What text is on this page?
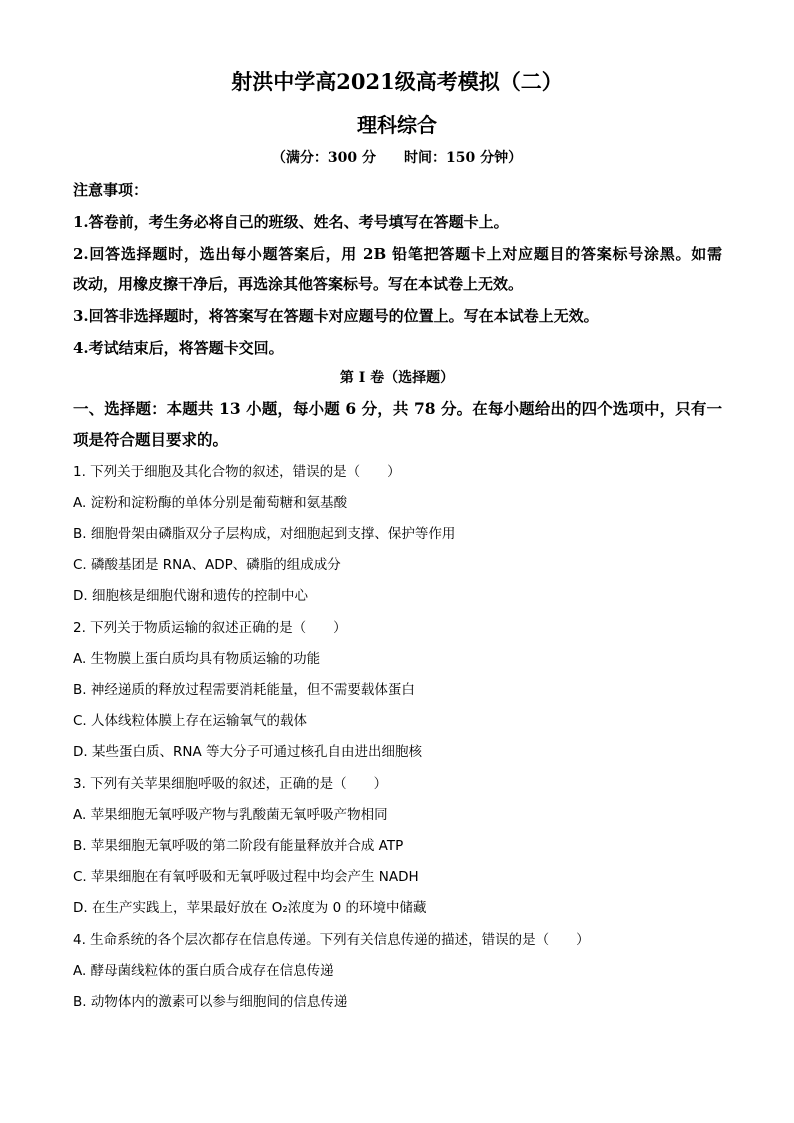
射洪中学高2021级高考模拟（二）
理科综合
（满分：300 分　　时间：150 分钟）
注意事项：
1.答卷前，考生务必将自己的班级、姓名、考号填写在答题卡上。
2.回答选择题时，选出每小题答案后，用 2B 铅笔把答题卡上对应题目的答案标号涂黑。如需
改动，用橡皮擦干净后，再选涂其他答案标号。写在本试卷上无效。
3.回答非选择题时，将答案写在答题卡对应题号的位置上。写在本试卷上无效。
4.考试结束后，将答题卡交回。
第 I 卷（选择题）
一、选择题：本题共 13 小题，每小题 6 分，共 78 分。在每小题给出的四个选项中，只有一
项是符合题目要求的。
1. 下列关于细胞及其化合物的叙述，错误的是（　　）
A. 淀粉和淀粉酶的单体分别是葡萄糖和氨基酸
B. 细胞骨架由磷脂双分子层构成，对细胞起到支撑、保护等作用
C. 磷酸基团是 RNA、ADP、磷脂的组成成分
D. 细胞核是细胞代谢和遗传的控制中心
2. 下列关于物质运输的叙述正确的是（　　）
A. 生物膜上蛋白质均具有物质运输的功能
B. 神经递质的释放过程需要消耗能量，但不需要载体蛋白
C. 人体线粒体膜上存在运输氧气的载体
D. 某些蛋白质、RNA 等大分子可通过核孔自由进出细胞核
3. 下列有关苹果细胞呼吸的叙述，正确的是（　　）
A. 苹果细胞无氧呼吸产物与乳酸菌无氧呼吸产物相同
B. 苹果细胞无氧呼吸的第二阶段有能量释放并合成 ATP
C. 苹果细胞在有氧呼吸和无氧呼吸过程中均会产生 NADH
D. 在生产实践上，苹果最好放在 O₂浓度为 0 的环境中储藏
4. 生命系统的各个层次都存在信息传递。下列有关信息传递的描述，错误的是（　　）
A. 酵母菌线粒体的蛋白质合成存在信息传递
B. 动物体内的激素可以参与细胞间的信息传递
